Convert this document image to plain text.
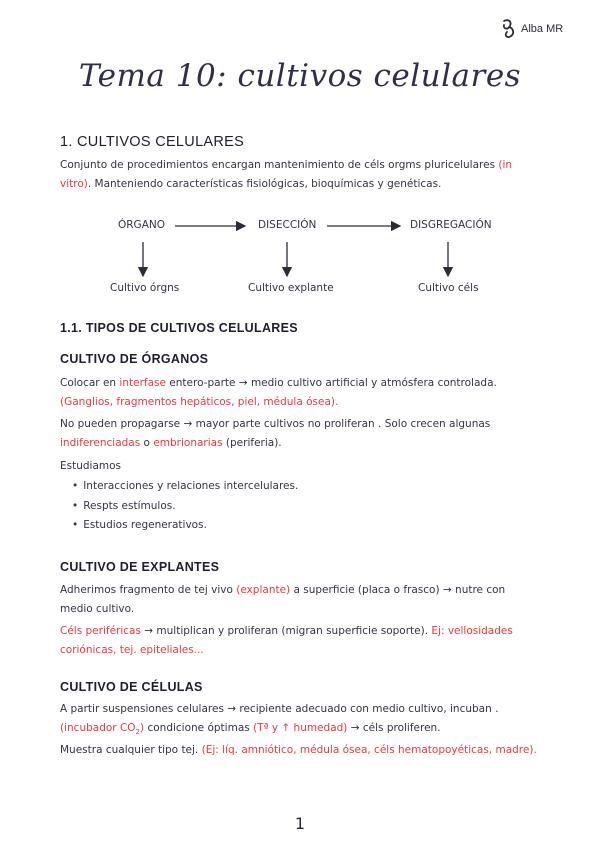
Alba MR
Tema 10: cultivos celulares
1. CULTIVOS CELULARES
Conjunto de procedimientos encargan mantenimiento de céls orgms pluricelulares (in
vitro). Manteniendo características fisiológicas, bioquímicas y genéticas.
ÓRGANO	DISECCIÓN	DISGREGACIÓN
Cultivo órgns	Cultivo explante	Cultivo céls
1.1. TIPOS DE CULTIVOS CELULARES
CULTIVO DE ÓRGANOS
Colocar en interfase entero-parte → medio cultivo artificial y atmósfera controlada.
(Ganglios, fragmentos hepáticos, piel, médula ósea).
No pueden propagarse → mayor parte cultivos no proliferan . Solo crecen algunas
indiferenciadas o embrionarias (periferia).
Estudiamos
• Interacciones y relaciones intercelulares.
• Respts estímulos.
• Estudios regenerativos.
CULTIVO DE EXPLANTES
Adherimos fragmento de tej vivo (explante) a superficie (placa o frasco) → nutre con
medio cultivo.
Céls periféricas → multiplican y proliferan (migran superficie soporte). Ej: vellosidades
coriónicas, tej. epiteliales...
CULTIVO DE CÉLULAS
A partir suspensiones celulares → recipiente adecuado con medio cultivo, incuban .
(incubador $CO_2$) condicione óptimas (Tª y ↑ humedad) → céls proliferen.
Muestra cualquier tipo tej. (Ej: líq. amniótico, médula ósea, céls hematopoyéticas, madre).
1
